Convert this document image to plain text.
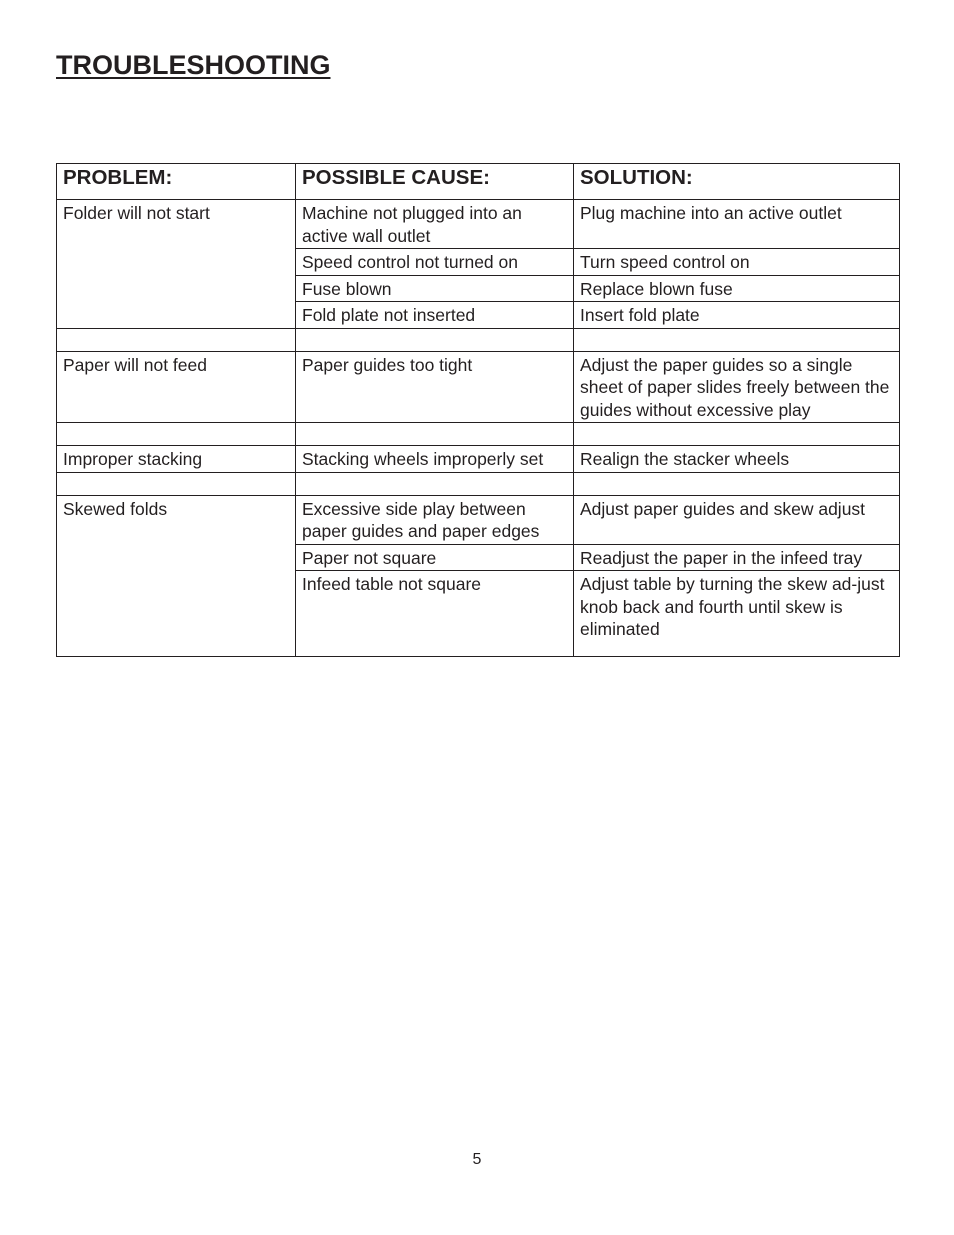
TROUBLESHOOTING
PROBLEM:	POSSIBLE CAUSE:	SOLUTION:
Folder will not start	Machine not plugged into an active wall outlet	Plug machine into an active outlet
	Speed control not turned on	Turn speed control on
	Fuse blown	Replace blown fuse
	Fold plate not inserted	Insert fold plate

Paper will not feed	Paper guides too tight	Adjust the paper guides so a single sheet of paper slides freely between the guides without excessive play

Improper stacking	Stacking wheels improperly set	Realign the stacker wheels

Skewed folds	Excessive side play between paper guides and paper edges	Adjust paper guides and skew adjust
	Paper not square	Readjust the paper in the infeed tray
	Infeed table not square	Adjust table by turning the skew ad-just knob back and fourth until skew is eliminated
5
